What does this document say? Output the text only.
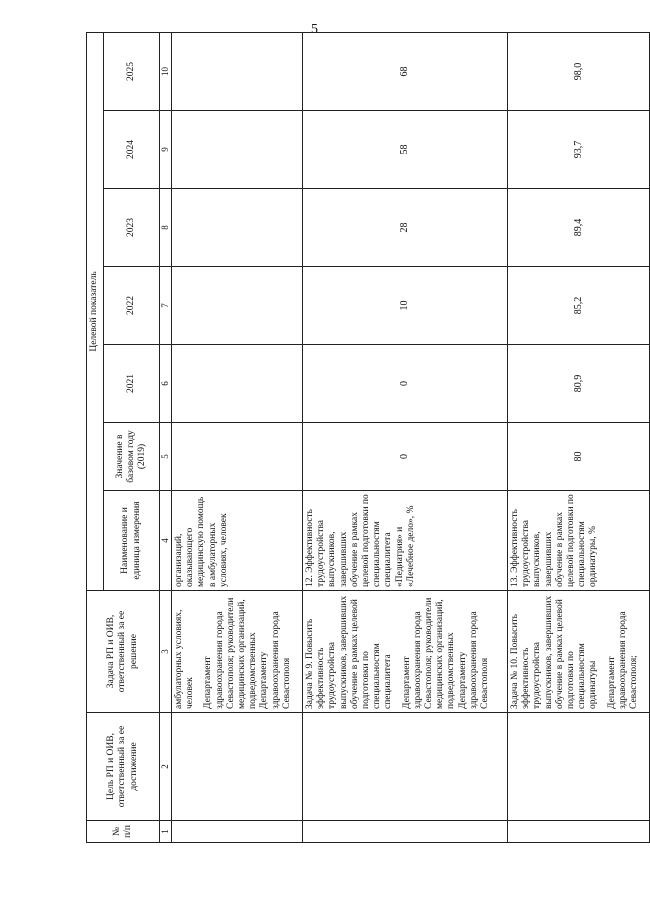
5
№
п/п	Цель РП и ОИВ, ответственный за ее достижение	Задача РП и ОИВ, ответственный за ее решение	Целевой показатель						
			Наименование и единица измерения	Значение в базовом году (2019)	2021	2022	2023	2024	2025
1	2	3	4	5	6	7	8	9	10

		амбулаторных условиях, человек Департамент здравоохранения города Севастополя; руководители медицинских организаций, подведомственных Департаменту здравоохранения города Севастополя	организаций, оказывающего медицинскую помощь в амбулаторных условиях, человек						

		Задача № 9. Повысить эффективность трудоустройства выпускников, завершивших обучение в рамках целевой подготовки по специальностям специалитета Департамент здравоохранения города Севастополя; руководители медицинских организаций, подведомственных Департаменту здравоохранения города Севастополя	12. Эффективность трудоустройства выпускников, завершивших обучение в рамках целевой подготовки по специальностям специалитета «Педиатрия» и «Лечебное дело», %	0	0	10	28	58	68

		Задача № 10. Повысить эффективность трудоустройства выпускников, завершивших обучение в рамках целевой подготовки по специальностям ординатуры Департамент здравоохранения города Севастополя;	13. Эффективность трудоустройства выпускников, завершивших обучение в рамках целевой подготовки по специальностям ординатуры, %	80	80,9	85,2	89,4	93,7	98,0
